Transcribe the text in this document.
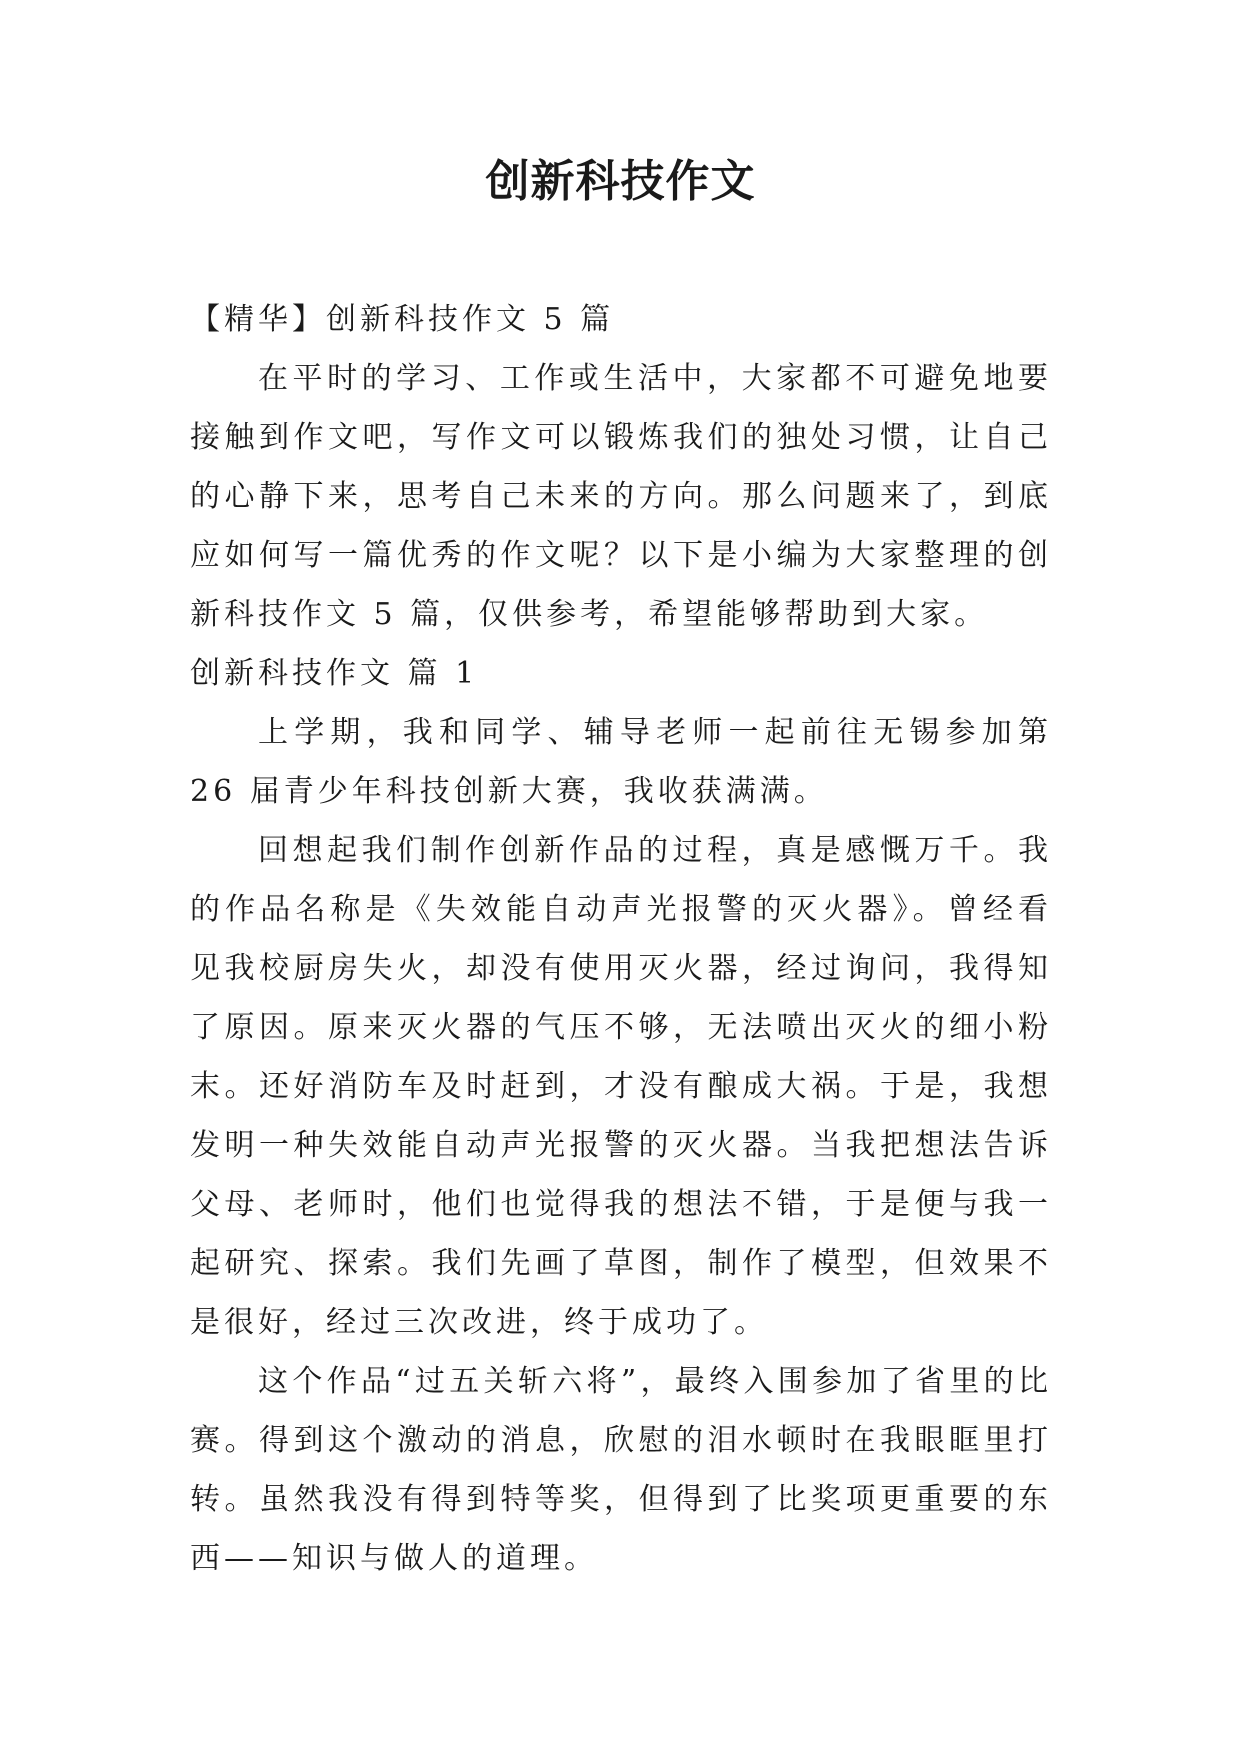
创新科技作文

【精华】创新科技作文 5 篇

在平时的学习、工作或生活中，大家都不可避免地要接触到作文吧，写作文可以锻炼我们的独处习惯，让自己的心静下来，思考自己未来的方向。那么问题来了，到底应如何写一篇优秀的作文呢？以下是小编为大家整理的创新科技作文 5 篇，仅供参考，希望能够帮助到大家。

创新科技作文 篇 1

上学期，我和同学、辅导老师一起前往无锡参加第 26 届青少年科技创新大赛，我收获满满。

回想起我们制作创新作品的过程，真是感慨万千。我的作品名称是《失效能自动声光报警的灭火器》。曾经看见我校厨房失火，却没有使用灭火器，经过询问，我得知了原因。原来灭火器的气压不够，无法喷出灭火的细小粉末。还好消防车及时赶到，才没有酿成大祸。于是，我想发明一种失效能自动声光报警的灭火器。当我把想法告诉父母、老师时，他们也觉得我的想法不错，于是便与我一起研究、探索。我们先画了草图，制作了模型，但效果不是很好，经过三次改进，终于成功了。

这个作品“过五关斩六将”，最终入围参加了省里的比赛。得到这个激动的消息，欣慰的泪水顿时在我眼眶里打转。虽然我没有得到特等奖，但得到了比奖项更重要的东西——知识与做人的道理。
